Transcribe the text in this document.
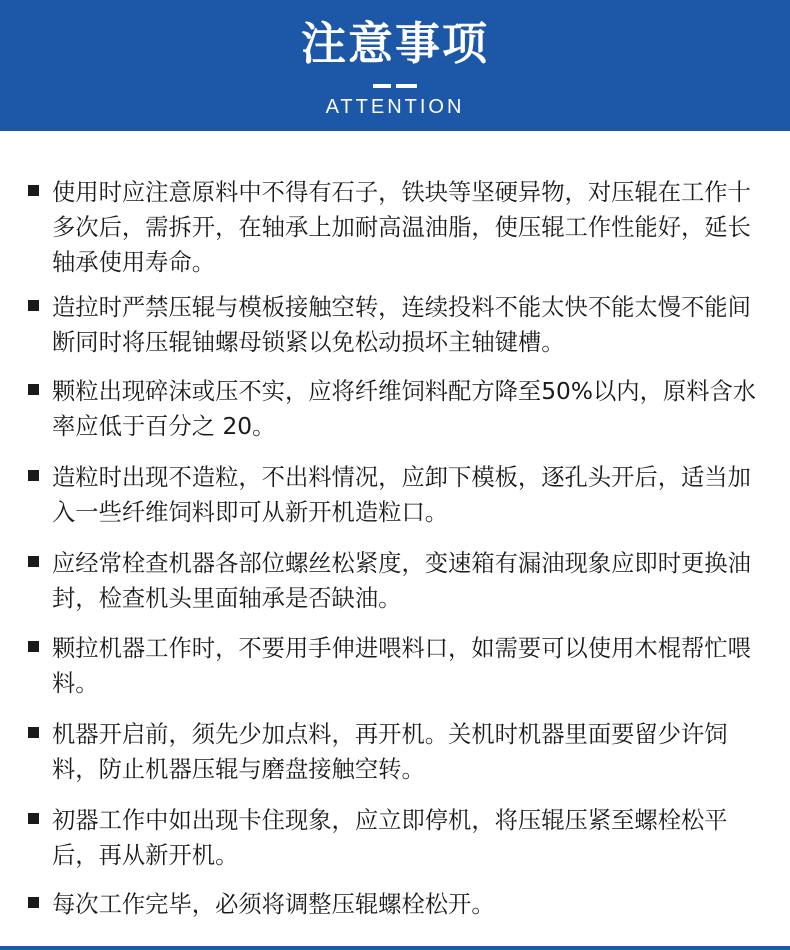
注意事项
ATTENTION
使用时应注意原料中不得有石子，铁块等坚硬异物，对压辊在工作十多次后，需拆开，在轴承上加耐高温油脂，使压辊工作性能好，延长轴承使用寿命。
造拉时严禁压辊与模板接触空转，连续投料不能太快不能太慢不能间断同时将压辊铀螺母锁紧以免松动损坏主轴键槽。
颗粒出现碎沫或压不实，应将纤维饲料配方降至50%以内，原料含水率应低于百分之 20。
造粒时出现不造粒，不出料情况，应卸下模板，逐孔头开后，适当加入一些纤维饲料即可从新开机造粒口。
应经常栓查机器各部位螺丝松紧度，变速箱有漏油现象应即时更换油封，检查机头里面轴承是否缺油。
颗拉机器工作时，不要用手伸进喂料口，如需要可以使用木棍帮忙喂料。
机器开启前，须先少加点料，再开机。关机时机器里面要留少许饲料，防止机器压辊与磨盘接触空转。
初器工作中如出现卡住现象，应立即停机，将压辊压紧至螺栓松平后，再从新开机。
每次工作完毕，必须将调整压辊螺栓松开。
